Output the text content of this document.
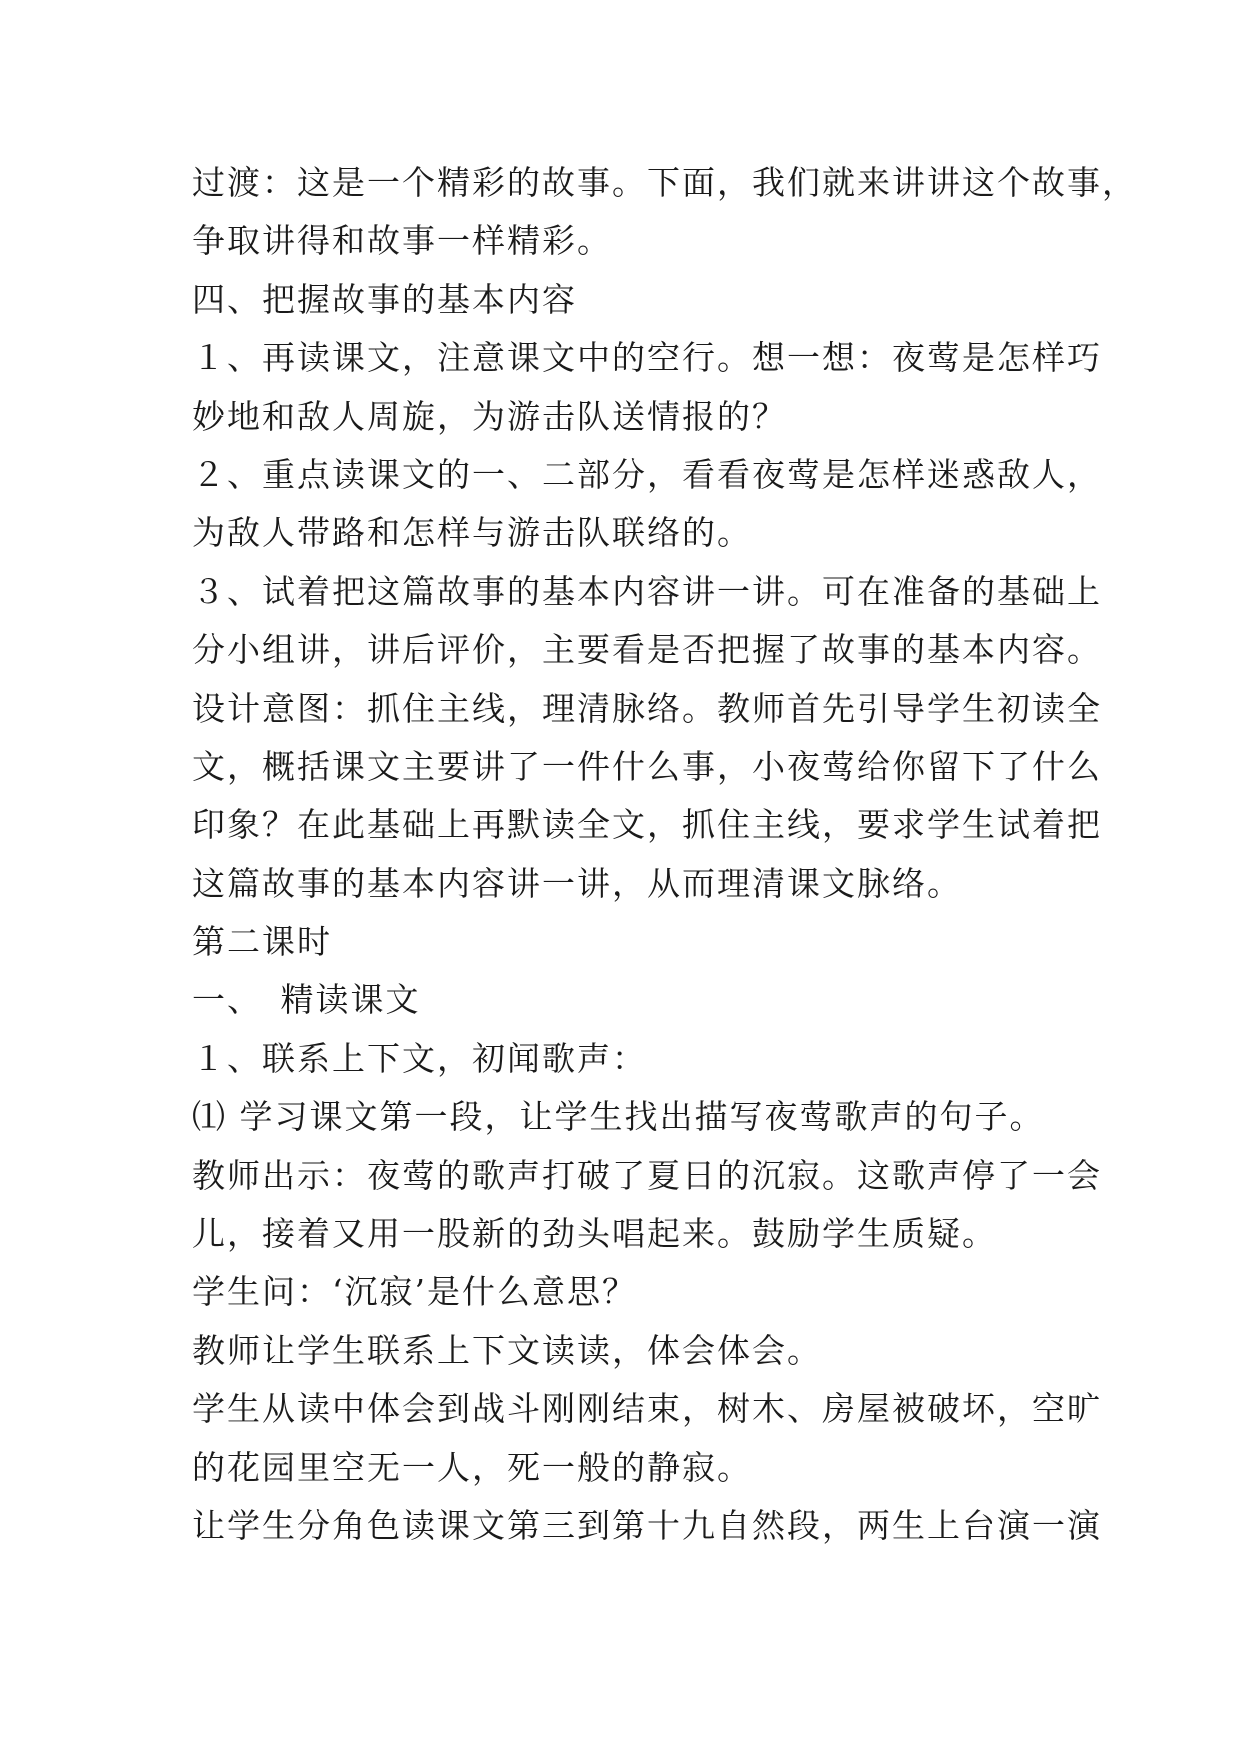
过渡：这是一个精彩的故事。下面，我们就来讲讲这个故事，
争取讲得和故事一样精彩。
四、把握故事的基本内容
１、再读课文，注意课文中的空行。想一想：夜莺是怎样巧
妙地和敌人周旋，为游击队送情报的？
２、重点读课文的一、二部分，看看夜莺是怎样迷惑敌人，
为敌人带路和怎样与游击队联络的。
３、试着把这篇故事的基本内容讲一讲。可在准备的基础上
分小组讲，讲后评价，主要看是否把握了故事的基本内容。
设计意图：抓住主线，理清脉络。教师首先引导学生初读全
文，概括课文主要讲了一件什么事，小夜莺给你留下了什么
印象？在此基础上再默读全文，抓住主线，要求学生试着把
这篇故事的基本内容讲一讲，从而理清课文脉络。
第二课时
一、　精读课文
１、联系上下文，初闻歌声：
⑴ 学习课文第一段，让学生找出描写夜莺歌声的句子。
教师出示：夜莺的歌声打破了夏日的沉寂。这歌声停了一会
儿，接着又用一股新的劲头唱起来。鼓励学生质疑。
学生问：‘沉寂’是什么意思？
教师让学生联系上下文读读，体会体会。
学生从读中体会到战斗刚刚结束，树木、房屋被破坏，空旷
的花园里空无一人，死一般的静寂。
让学生分角色读课文第三到第十九自然段，两生上台演一演
